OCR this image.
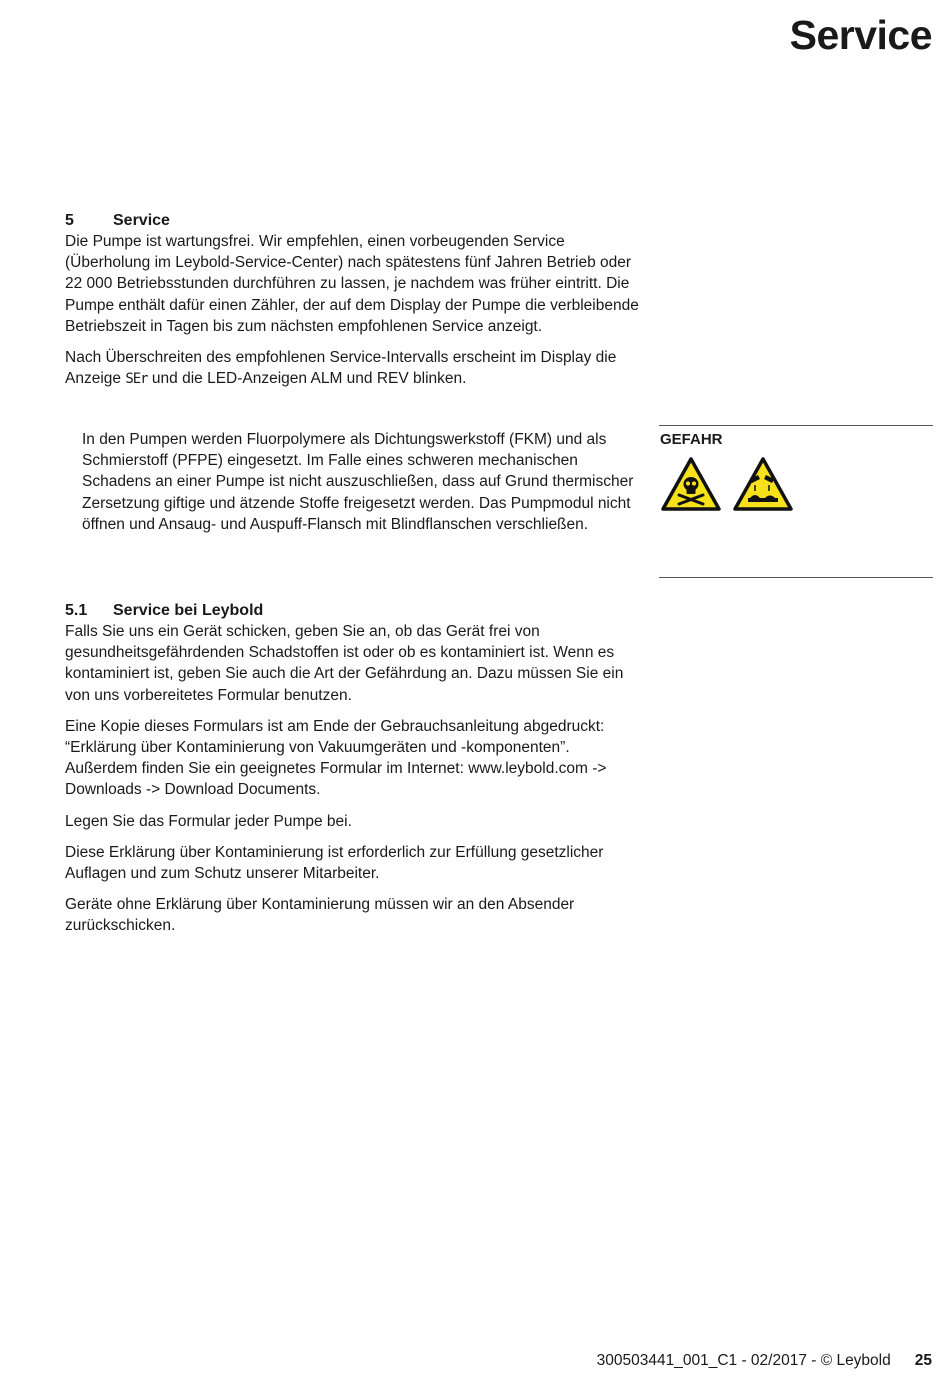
Service
5 Service

Die Pumpe ist wartungsfrei. Wir empfehlen, einen vorbeugenden Service (Überholung im Leybold-Service-Center) nach spätestens fünf Jahren Betrieb oder 22 000 Betriebsstunden durchführen zu lassen, je nachdem was früher eintritt. Die Pumpe enthält dafür einen Zähler, der auf dem Display der Pumpe die verbleibende Betriebszeit in Tagen bis zum nächsten empfohlenen Service anzeigt.

Nach Überschreiten des empfohlenen Service-Intervalls erscheint im Display die Anzeige SEr und die LED-Anzeigen ALM und REV blinken.

GEFAHR
In den Pumpen werden Fluorpolymere als Dichtungswerkstoff (FKM) und als Schmierstoff (PFPE) eingesetzt. Im Falle eines schweren mechanischen Schadens an einer Pumpe ist nicht auszuschließen, dass auf Grund thermischer Zersetzung giftige und ätzende Stoffe freigesetzt werden. Das Pumpmodul nicht öffnen und Ansaug- und Auspuff-Flansch mit Blindflanschen verschließen.
5.1 Service bei Leybold

Falls Sie uns ein Gerät schicken, geben Sie an, ob das Gerät frei von gesundheitsgefährdenden Schadstoffen ist oder ob es kontaminiert ist. Wenn es kontaminiert ist, geben Sie auch die Art der Gefährdung an. Dazu müssen Sie ein von uns vorbereitetes Formular benutzen.

Eine Kopie dieses Formulars ist am Ende der Gebrauchsanleitung abgedruckt: “Erklärung über Kontaminierung von Vakuumgeräten und -komponenten”. Außerdem finden Sie ein geeignetes Formular im Internet: www.leybold.com -> Downloads -> Download Documents.

Legen Sie das Formular jeder Pumpe bei.

Diese Erklärung über Kontaminierung ist erforderlich zur Erfüllung gesetzlicher Auflagen und zum Schutz unserer Mitarbeiter.

Geräte ohne Erklärung über Kontaminierung müssen wir an den Absender zurückschicken.

300503441_001_C1 - 02/2017 - © Leybold 25
